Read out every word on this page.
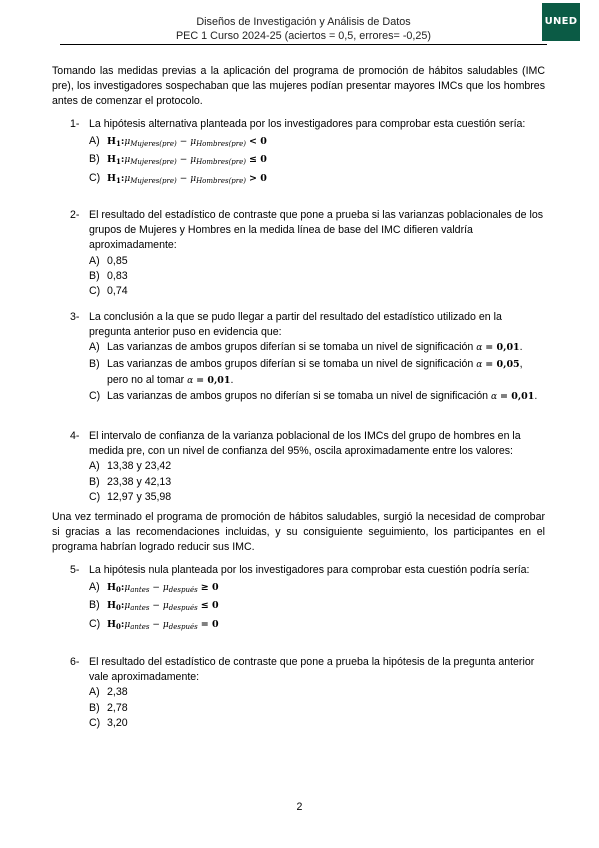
Diseños de Investigación y Análisis de Datos
PEC 1 Curso 2024-25 (aciertos = 0,5, errores= -0,25)
UNED
Tomando las medidas previas a la aplicación del programa de promoción de hábitos saludables (IMC pre), los investigadores sospechaban que las mujeres podían presentar mayores IMCs que los hombres antes de comenzar el protocolo.
1- La hipótesis alternativa planteada por los investigadores para comprobar esta cuestión sería:
A) $H_1:\mu_{Mujeres(pre)} - \mu_{Hombres(pre)} < 0$
B) $H_1:\mu_{Mujeres(pre)} - \mu_{Hombres(pre)} \le 0$
C) $H_1:\mu_{Mujeres(pre)} - \mu_{Hombres(pre)} > 0$
2- El resultado del estadístico de contraste que pone a prueba si las varianzas poblacionales de los grupos de Mujeres y Hombres en la medida línea de base del IMC difieren valdría aproximadamente:
A) 0,85
B) 0,83
C) 0,74
3- La conclusión a la que se pudo llegar a partir del resultado del estadístico utilizado en la pregunta anterior puso en evidencia que:
A) Las varianzas de ambos grupos diferían si se tomaba un nivel de significación α = 0,01.
B) Las varianzas de ambos grupos diferían si se tomaba un nivel de significación α = 0,05, pero no al tomar α = 0,01.
C) Las varianzas de ambos grupos no diferían si se tomaba un nivel de significación α = 0,01.
4- El intervalo de confianza de la varianza poblacional de los IMCs del grupo de hombres en la medida pre, con un nivel de confianza del 95%, oscila aproximadamente entre los valores:
A) 13,38 y 23,42
B) 23,38 y 42,13
C) 12,97 y 35,98
Una vez terminado el programa de promoción de hábitos saludables, surgió la necesidad de comprobar si gracias a las recomendaciones incluidas, y su consiguiente seguimiento, los participantes en el programa habrían logrado reducir sus IMC.
5- La hipótesis nula planteada por los investigadores para comprobar esta cuestión podría sería:
A) $H_0:\mu_{antes} - \mu_{después} \ge 0$
B) $H_0:\mu_{antes} - \mu_{después} \le 0$
C) $H_0:\mu_{antes} - \mu_{después} = 0$
6- El resultado del estadístico de contraste que pone a prueba la hipótesis de la pregunta anterior vale aproximadamente:
A) 2,38
B) 2,78
C) 3,20
2
